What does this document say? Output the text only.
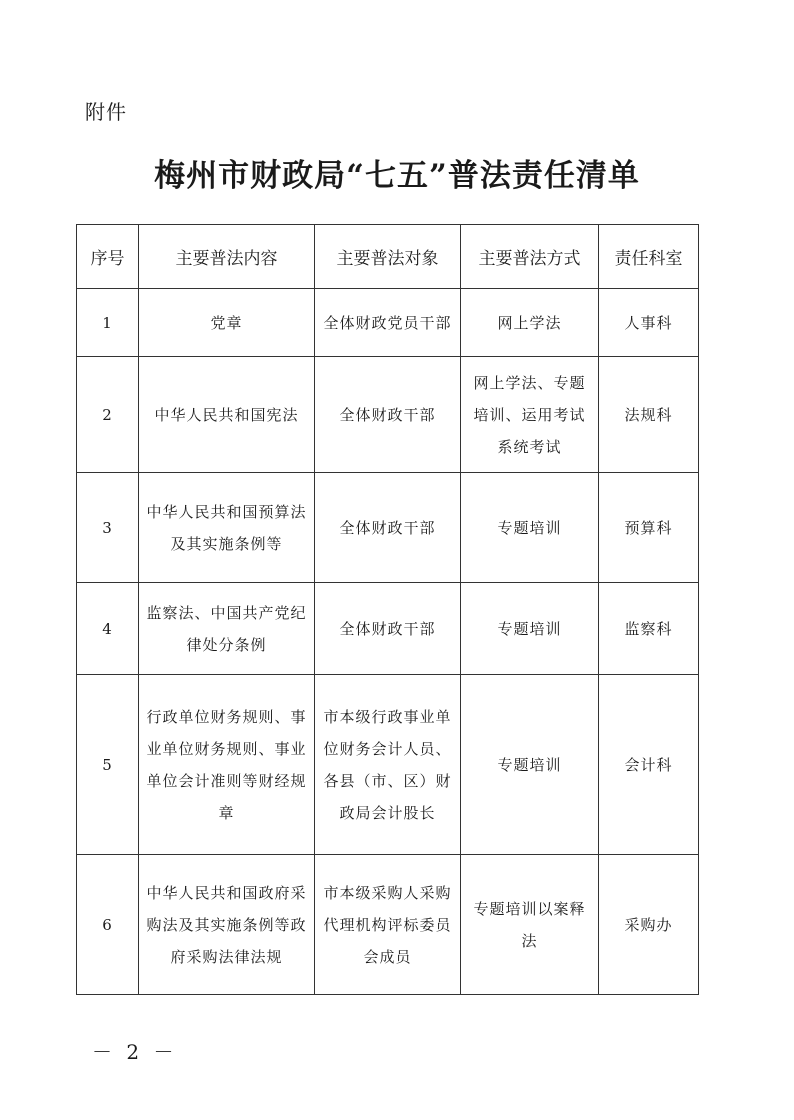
附件
梅州市财政局“七五”普法责任清单
序号	主要普法内容	主要普法对象	主要普法方式	责任科室
1	党章	全体财政党员干部	网上学法	人事科
2	中华人民共和国宪法	全体财政干部	网上学法、专题培训、运用考试系统考试	法规科
3	中华人民共和国预算法及其实施条例等	全体财政干部	专题培训	预算科
4	监察法、中国共产党纪律处分条例	全体财政干部	专题培训	监察科
5	行政单位财务规则、事业单位财务规则、事业单位会计准则等财经规章	市本级行政事业单位财务会计人员、各县（市、区）财政局会计股长	专题培训	会计科
6	中华人民共和国政府采购法及其实施条例等政府采购法律法规	市本级采购人采购代理机构评标委员会成员	专题培训以案释法	采购办
－ 2 －
